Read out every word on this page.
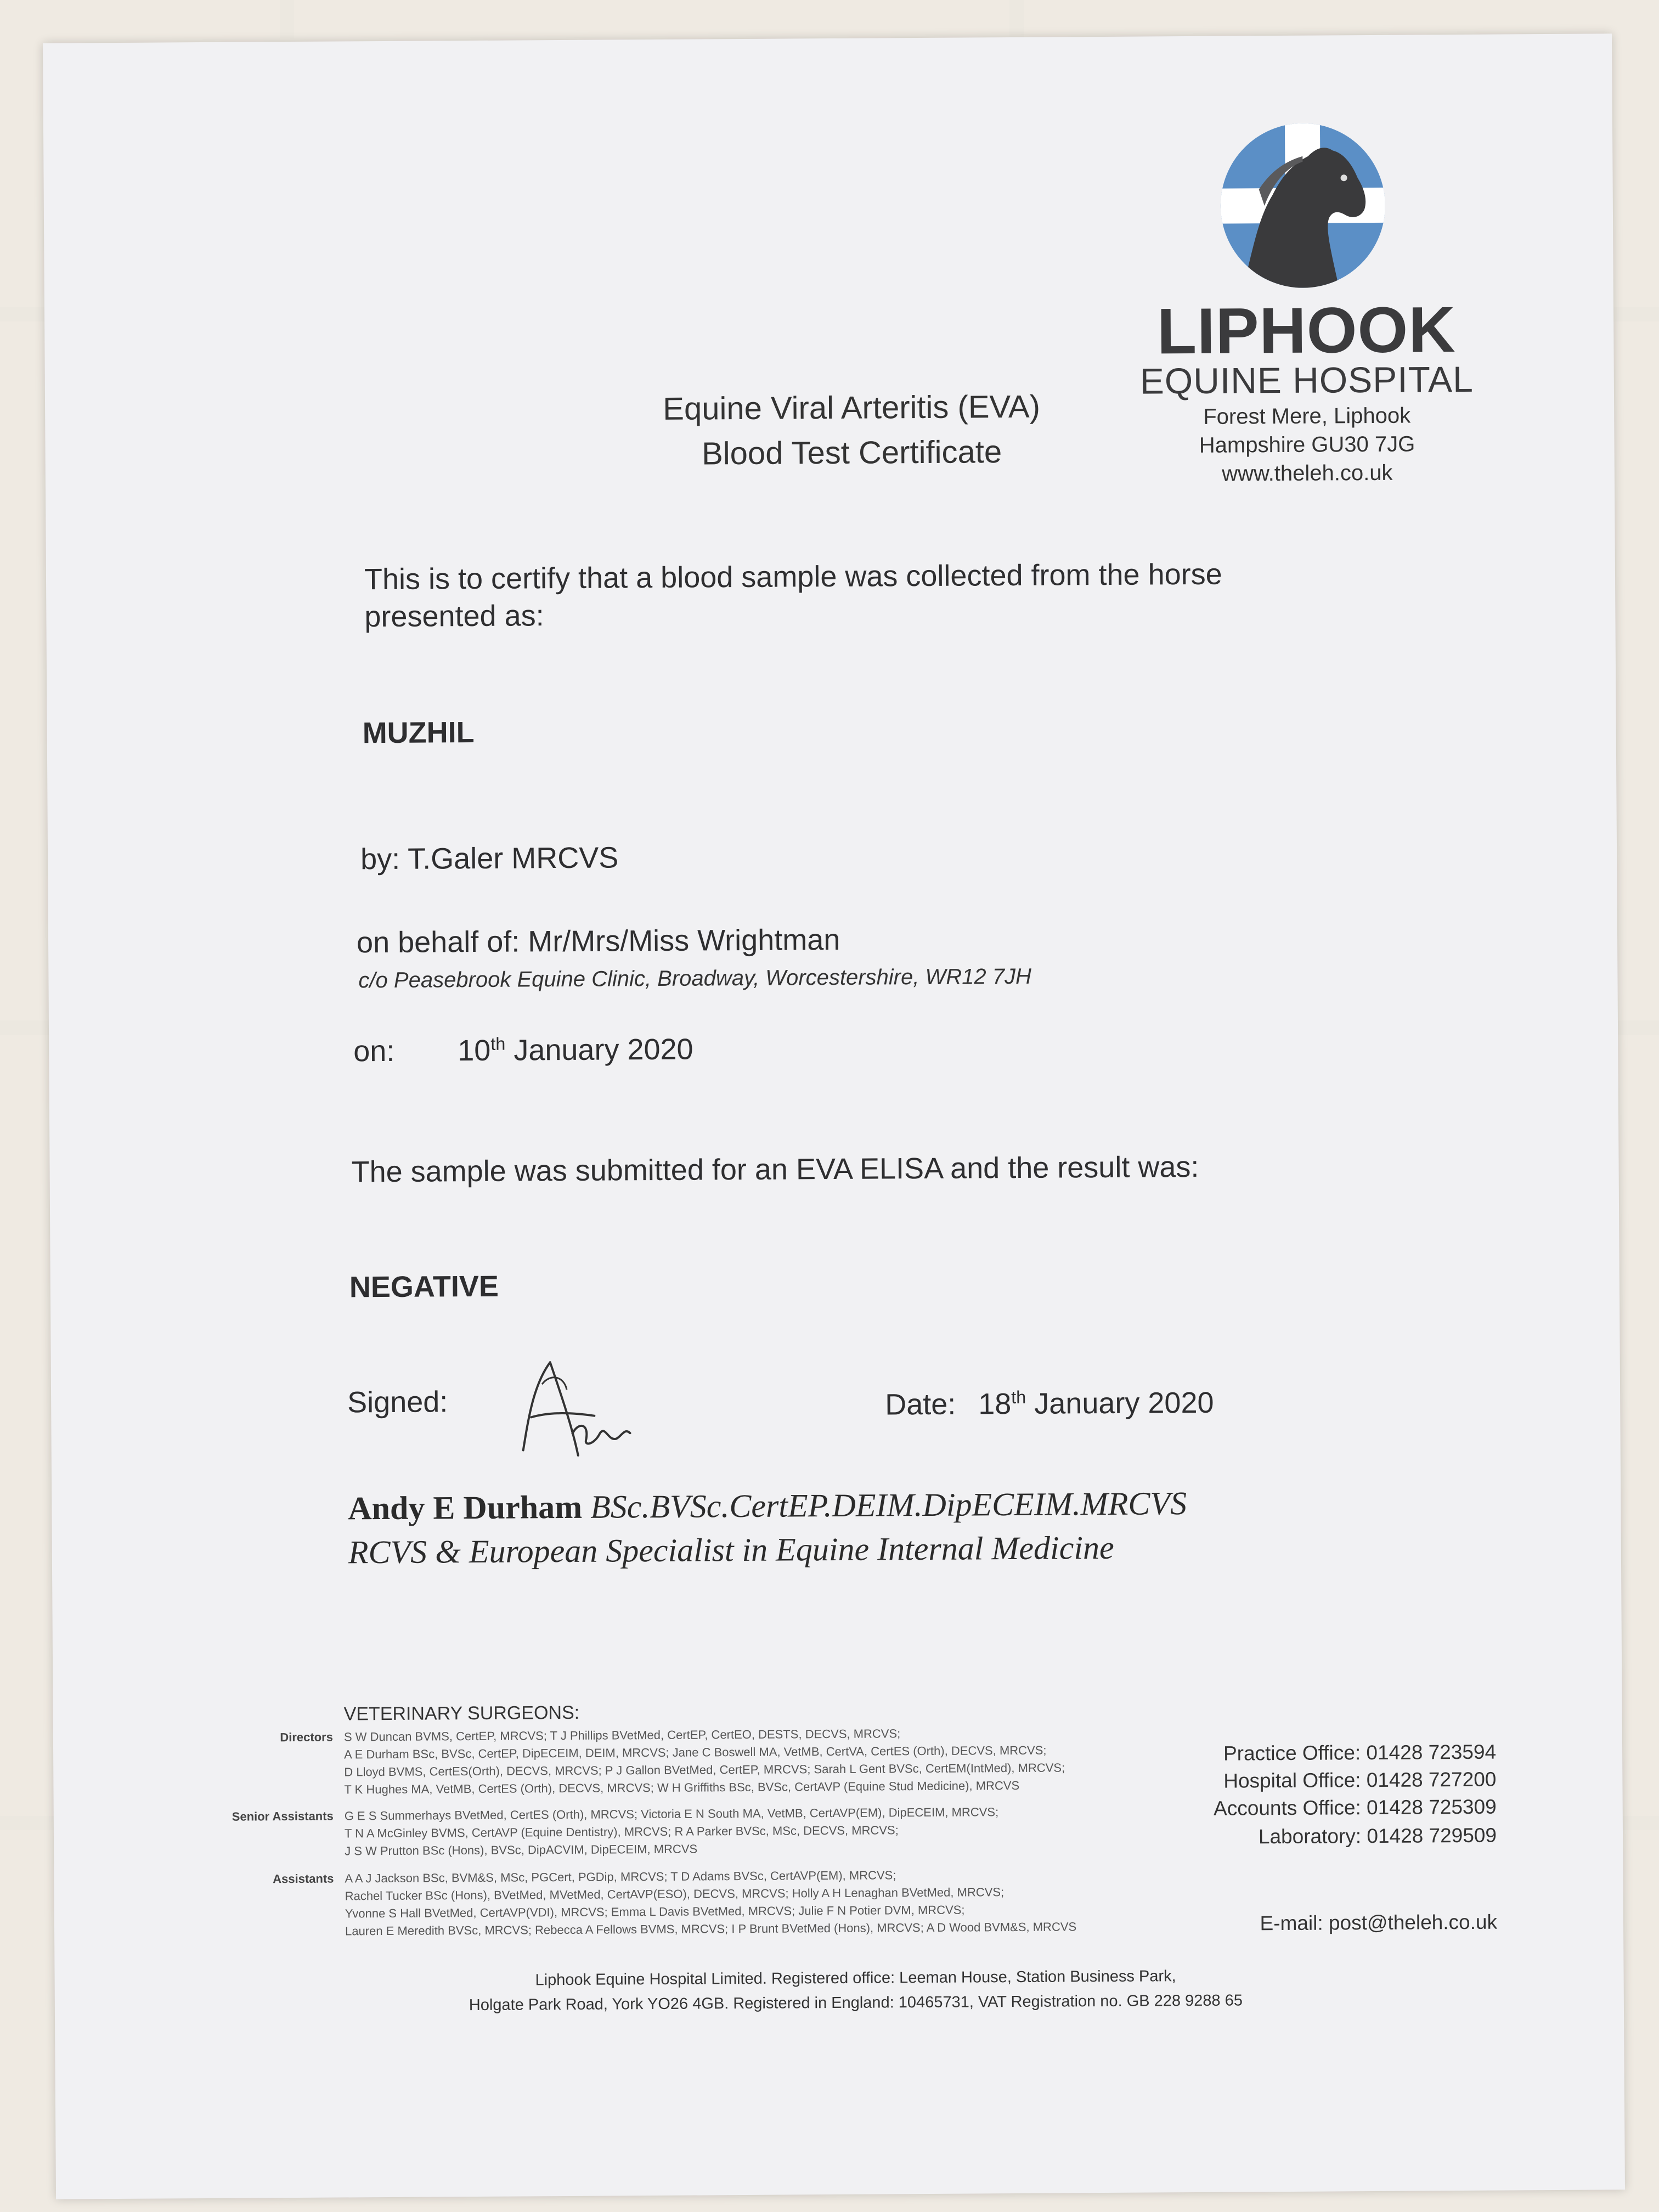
LIPHOOK
EQUINE HOSPITAL
Forest Mere, Liphook
Hampshire GU30 7JG
www.theleh.co.uk
Equine Viral Arteritis (EVA)
Blood Test Certificate
This is to certify that a blood sample was collected from the horse
presented as:
MUZHIL
by: T.Galer MRCVS
on behalf of: Mr/Mrs/Miss Wrightman
c/o Peasebrook Equine Clinic, Broadway, Worcestershire, WR12 7JH
on: 10th January 2020
The sample was submitted for an EVA ELISA and the result was:
NEGATIVE
Signed:	Date: 18th January 2020
Andy E Durham BSc.BVSc.CertEP.DEIM.DipECEIM.MRCVS
RCVS & European Specialist in Equine Internal Medicine
VETERINARY SURGEONS:
Directors S W Duncan BVMS, CertEP, MRCVS; T J Phillips BVetMed, CertEP, CertEO, DESTS, DECVS, MRCVS;
A E Durham BSc, BVSc, CertEP, DipECEIM, DEIM, MRCVS; Jane C Boswell MA, VetMB, CertVA, CertES (Orth), DECVS, MRCVS;
D Lloyd BVMS, CertES(Orth), DECVS, MRCVS; P J Gallon BVetMed, CertEP, MRCVS; Sarah L Gent BVSc, CertEM(IntMed), MRCVS;
T K Hughes MA, VetMB, CertES (Orth), DECVS, MRCVS; W H Griffiths BSc, BVSc, CertAVP (Equine Stud Medicine), MRCVS
Senior Assistants G E S Summerhays BVetMed, CertES (Orth), MRCVS; Victoria E N South MA, VetMB, CertAVP(EM), DipECEIM, MRCVS;
T N A McGinley BVMS, CertAVP (Equine Dentistry), MRCVS; R A Parker BVSc, MSc, DECVS, MRCVS;
J S W Prutton BSc (Hons), BVSc, DipACVIM, DipECEIM, MRCVS
Assistants A A J Jackson BSc, BVM&S, MSc, PGCert, PGDip, MRCVS; T D Adams BVSc, CertAVP(EM), MRCVS;
Rachel Tucker BSc (Hons), BVetMed, MVetMed, CertAVP(ESO), DECVS, MRCVS; Holly A H Lenaghan BVetMed, MRCVS;
Yvonne S Hall BVetMed, CertAVP(VDI), MRCVS; Emma L Davis BVetMed, MRCVS; Julie F N Potier DVM, MRCVS;
Lauren E Meredith BVSc, MRCVS; Rebecca A Fellows BVMS, MRCVS; I P Brunt BVetMed (Hons), MRCVS; A D Wood BVM&S, MRCVS
Practice Office: 01428 723594
Hospital Office: 01428 727200
Accounts Office: 01428 725309
Laboratory: 01428 729509
E-mail: post@theleh.co.uk
Liphook Equine Hospital Limited. Registered office: Leeman House, Station Business Park,
Holgate Park Road, York YO26 4GB. Registered in England: 10465731, VAT Registration no. GB 228 9288 65
